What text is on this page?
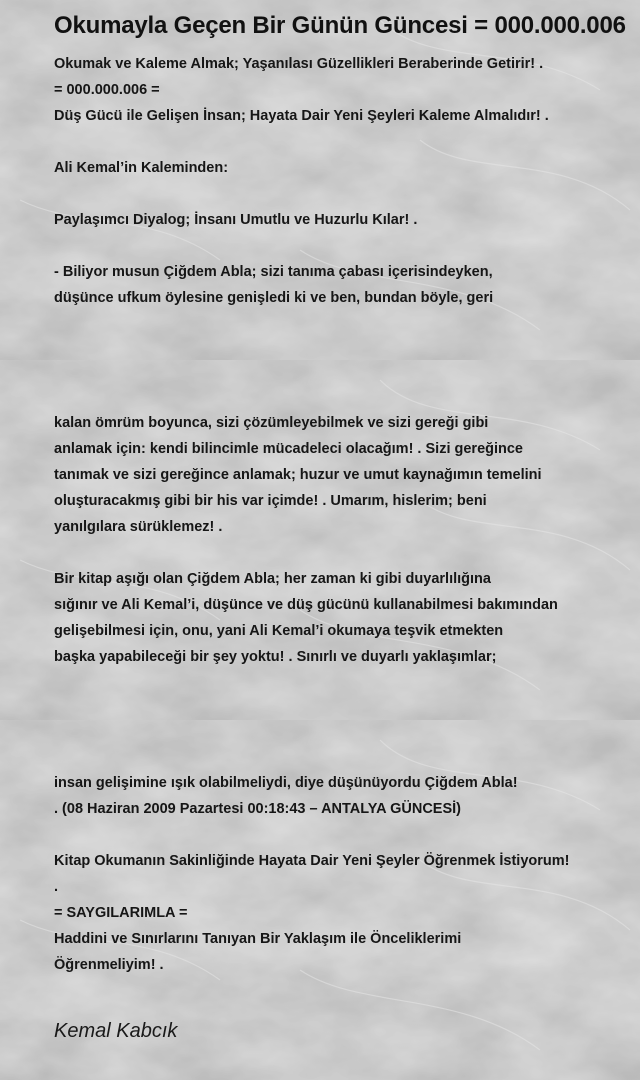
Okumayla Geçen Bir Günün Güncesi = 000.000.006

Okumak ve Kaleme Almak; Yaşanılası Güzellikleri Beraberinde Getirir! .

= 000.000.006 =

Düş Gücü ile Gelişen İnsan; Hayata Dair Yeni Şeyleri Kaleme Almalıdır! .

Ali Kemal’in Kaleminden:

Paylaşımcı Diyalog; İnsanı Umutlu ve Huzurlu Kılar! .

- Biliyor musun Çiğdem Abla; sizi tanıma çabası içerisindeyken,

düşünce ufkum öylesine genişledi ki ve ben, bundan böyle, geri

kalan ömrüm boyunca, sizi çözümleyebilmek ve sizi gereği gibi

anlamak için: kendi bilincimle mücadeleci olacağım! . Sizi gereğince

tanımak ve sizi gereğince anlamak; huzur ve umut kaynağımın temelini

oluşturacakmış gibi bir his var içimde! . Umarım, hislerim; beni

yanılgılara sürüklemez! .

Bir kitap aşığı olan Çiğdem Abla; her zaman ki gibi duyarlılığına

sığınır ve Ali Kemal’i, düşünce ve düş gücünü kullanabilmesi bakımından

gelişebilmesi için, onu, yani Ali Kemal’i okumaya teşvik etmekten

başka yapabileceği bir şey yoktu! . Sınırlı ve duyarlı yaklaşımlar;

insan gelişimine ışık olabilmeliydi, diye düşünüyordu Çiğdem Abla!

. (08 Haziran 2009 Pazartesi 00:18:43 – ANTALYA GÜNCESİ)

Kitap Okumanın Sakinliğinde Hayata Dair Yeni Şeyler Öğrenmek İstiyorum!

.

= SAYGILARIMLA =

Haddini ve Sınırlarını Tanıyan Bir Yaklaşım ile Önceliklerimi

Öğrenmeliyim! .

Kemal Kabcık
